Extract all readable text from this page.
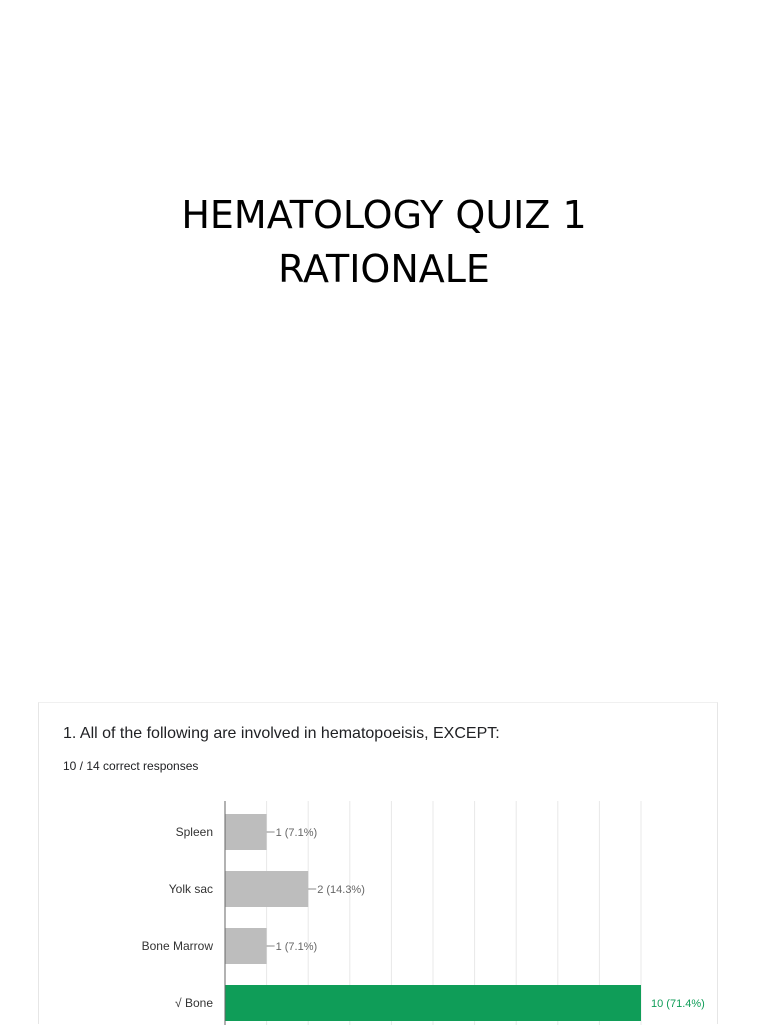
HEMATOLOGY QUIZ 1
RATIONALE
1. All of the following are involved in hematopoeisis, EXCEPT:
10 / 14 correct responses
Spleen	1 (7.1%)
Yolk sac	2 (14.3%)
Bone Marrow	1 (7.1%)
√ Bone	10 (71.4%)
